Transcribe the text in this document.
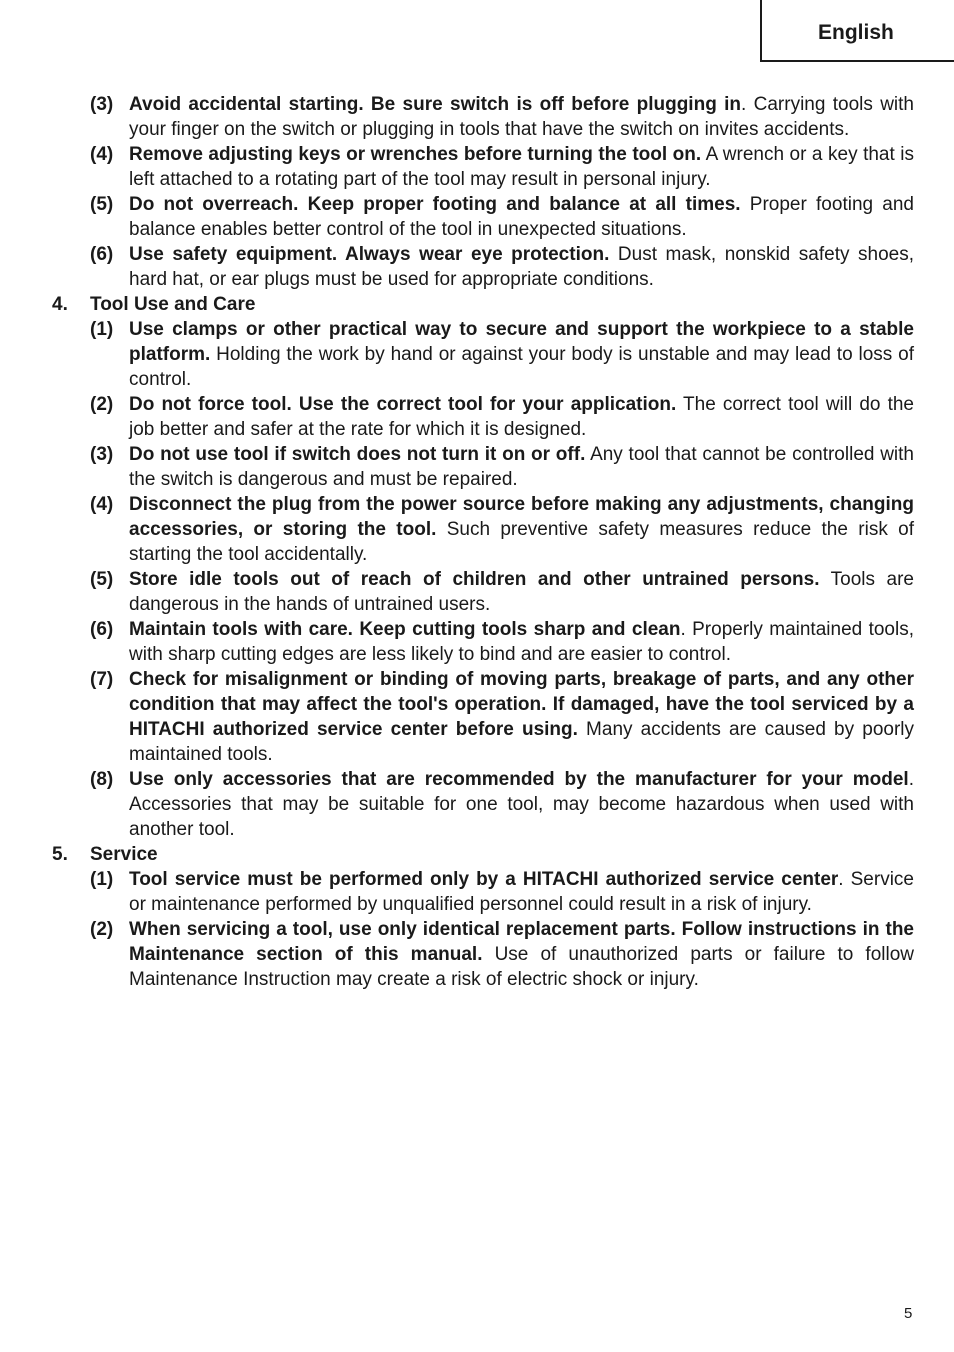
English
(3) Avoid accidental starting. Be sure switch is off before plugging in. Carrying tools with your finger on the switch or plugging in tools that have the switch on invites accidents.
(4) Remove adjusting keys or wrenches before turning the tool on. A wrench or a key that is left attached to a rotating part of the tool may result in personal injury.
(5) Do not overreach. Keep proper footing and balance at all times. Proper footing and balance enables better control of the tool in unexpected situations.
(6) Use safety equipment. Always wear eye protection. Dust mask, nonskid safety shoes, hard hat, or ear plugs must be used for appropriate conditions.
4. Tool Use and Care
(1) Use clamps or other practical way to secure and support the workpiece to a stable platform. Holding the work by hand or against your body is unstable and may lead to loss of control.
(2) Do not force tool. Use the correct tool for your application. The correct tool will do the job better and safer at the rate for which it is designed.
(3) Do not use tool if switch does not turn it on or off. Any tool that cannot be controlled with the switch is dangerous and must be repaired.
(4) Disconnect the plug from the power source before making any adjustments, changing accessories, or storing the tool. Such preventive safety measures reduce the risk of starting the tool accidentally.
(5) Store idle tools out of reach of children and other untrained persons. Tools are dangerous in the hands of untrained users.
(6) Maintain tools with care. Keep cutting tools sharp and clean. Properly maintained tools, with sharp cutting edges are less likely to bind and are easier to control.
(7) Check for misalignment or binding of moving parts, breakage of parts, and any other condition that may affect the tool's operation. If damaged, have the tool serviced by a HITACHI authorized service center before using. Many accidents are caused by poorly maintained tools.
(8) Use only accessories that are recommended by the manufacturer for your model. Accessories that may be suitable for one tool, may become hazardous when used with another tool.
5. Service
(1) Tool service must be performed only by a HITACHI authorized service center. Service or maintenance performed by unqualified personnel could result in a risk of injury.
(2) When servicing a tool, use only identical replacement parts. Follow instructions in the Maintenance section of this manual. Use of unauthorized parts or failure to follow Maintenance Instruction may create a risk of electric shock or injury.
5
